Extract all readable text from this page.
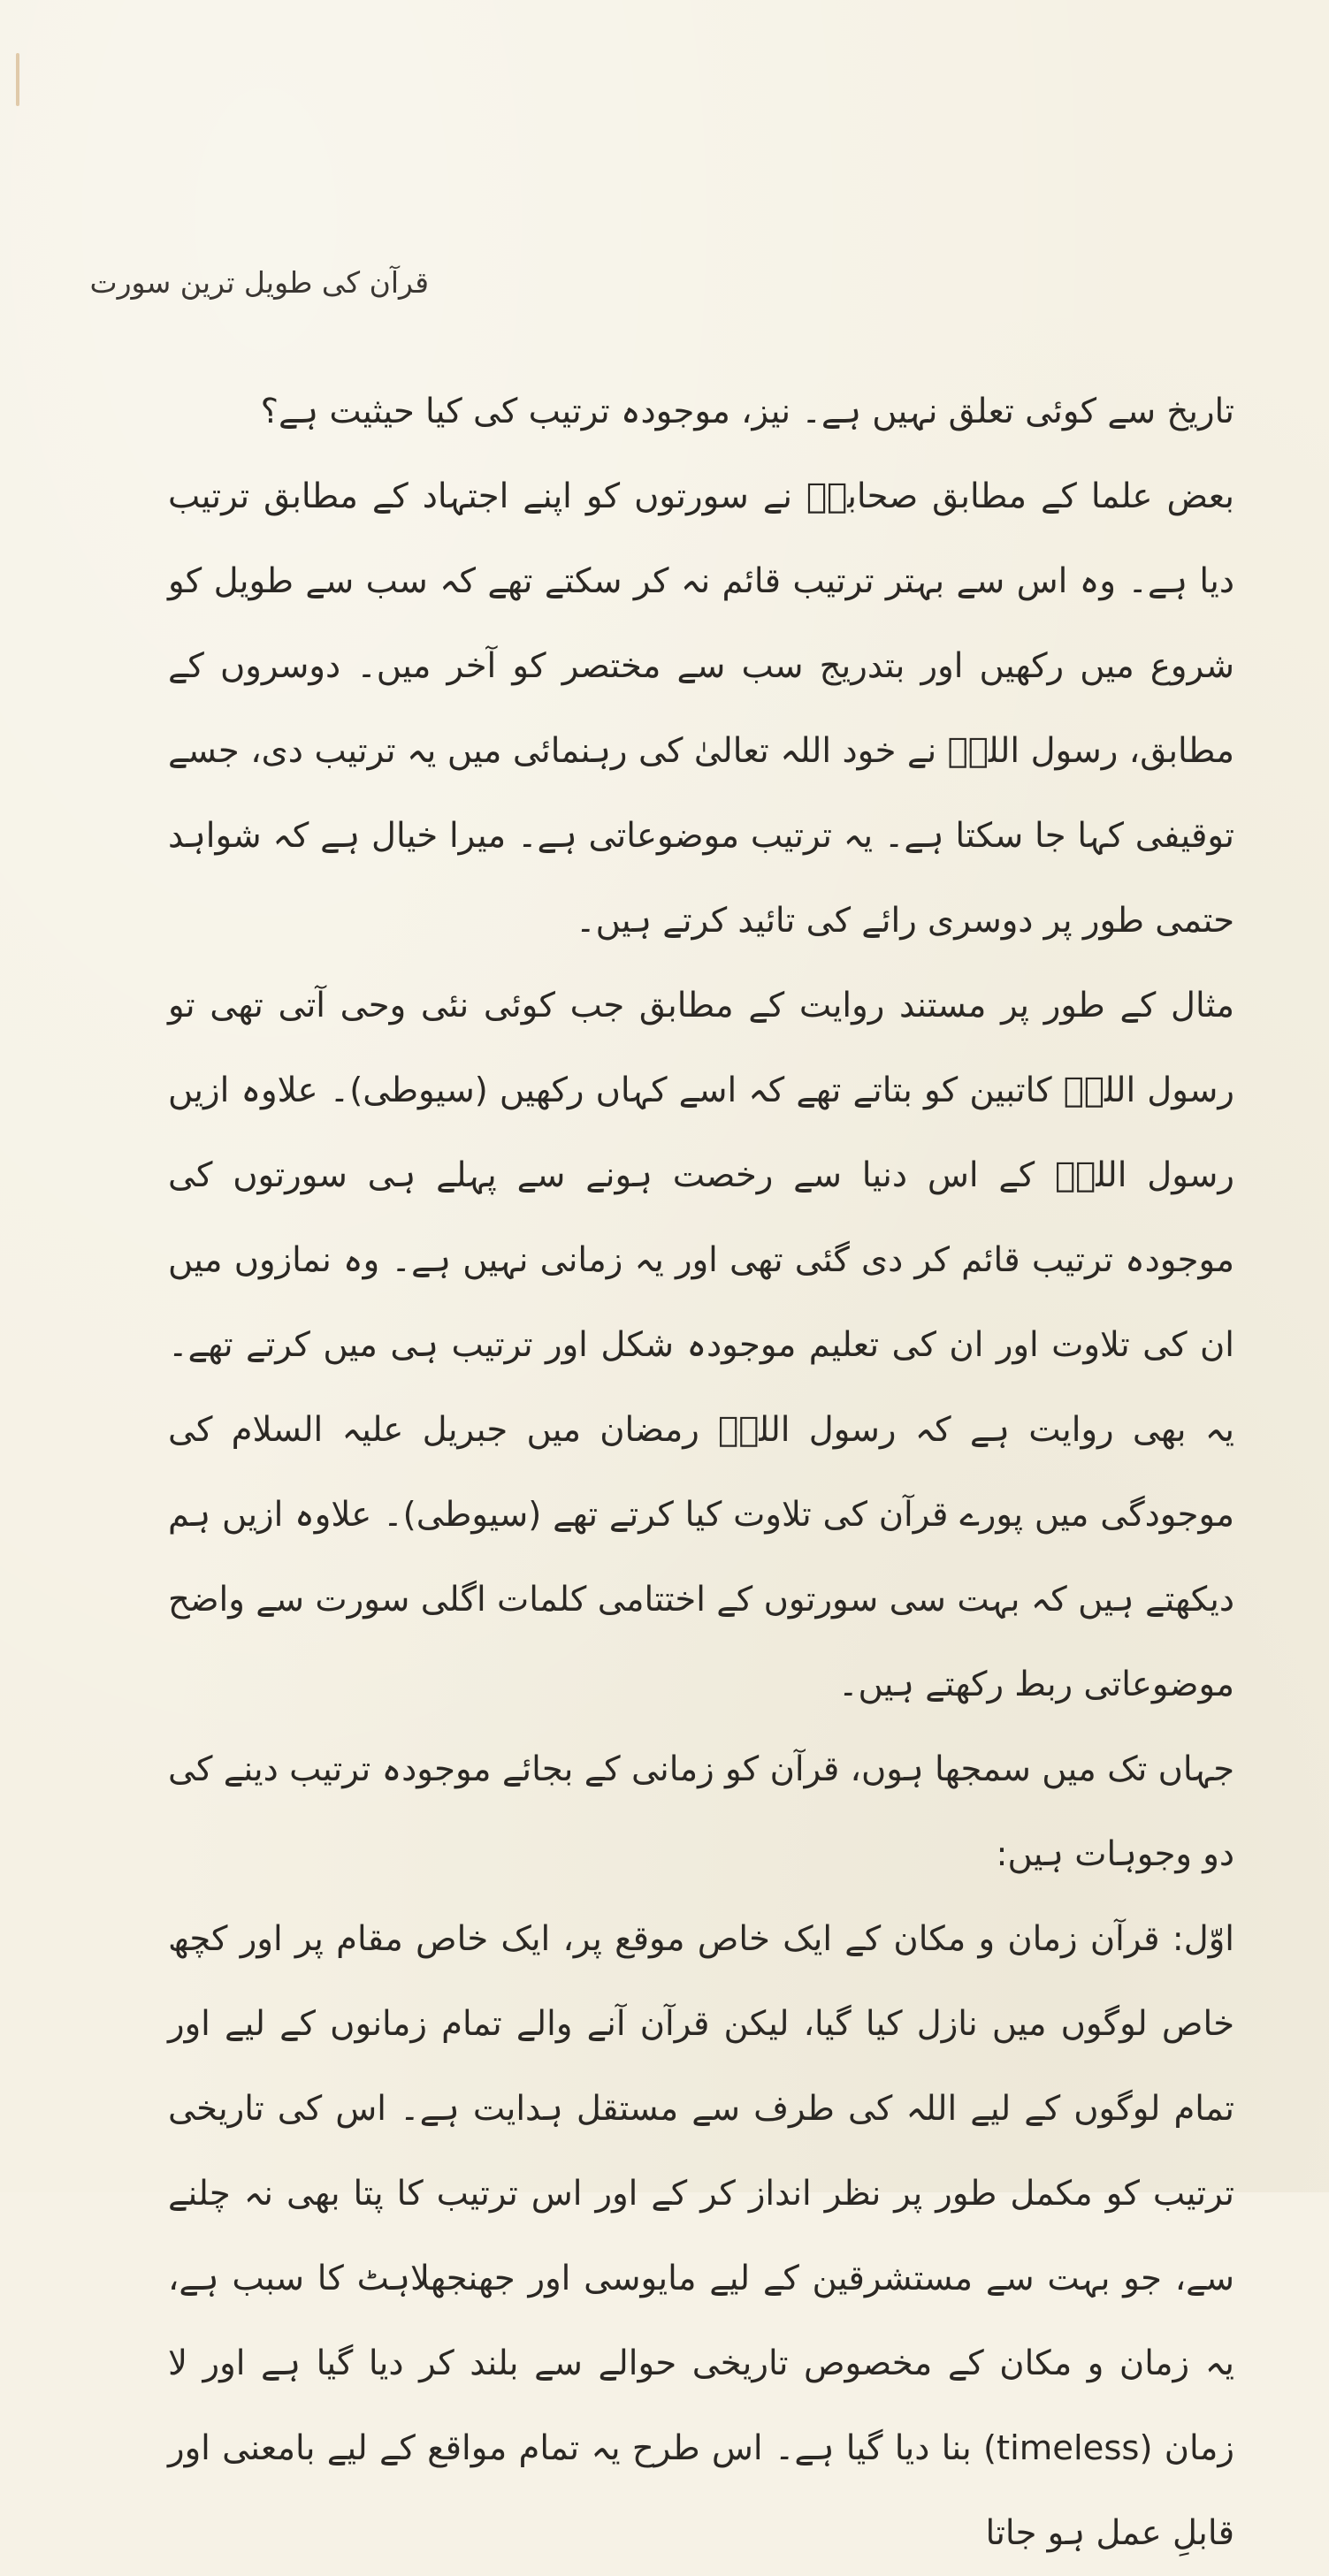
قرآن کی طویل ترین سورت

تاریخ سے کوئی تعلق نہیں ہے۔ نیز، موجودہ ترتیب کی کیا حیثیت ہے؟

بعض علما کے مطابق صحابہؓ نے سورتوں کو اپنے اجتہاد کے مطابق ترتیب دیا ہے۔ وہ اس سے بہتر ترتیب قائم نہ کر سکتے تھے کہ سب سے طویل کو شروع میں رکھیں اور بتدریج سب سے مختصر کو آخر میں۔ دوسروں کے مطابق، رسول اللہؐ نے خود اللہ تعالیٰ کی رہنمائی میں یہ ترتیب دی، جسے توقیفی کہا جا سکتا ہے۔ یہ ترتیب موضوعاتی ہے۔ میرا خیال ہے کہ شواہد حتمی طور پر دوسری رائے کی تائید کرتے ہیں۔

مثال کے طور پر مستند روایت کے مطابق جب کوئی نئی وحی آتی تھی تو رسول اللہؐ کاتبین کو بتاتے تھے کہ اسے کہاں رکھیں (سیوطی)۔ علاوہ ازیں رسول اللہؐ کے اس دنیا سے رخصت ہونے سے پہلے ہی سورتوں کی موجودہ ترتیب قائم کر دی گئی تھی اور یہ زمانی نہیں ہے۔ وہ نمازوں میں ان کی تلاوت اور ان کی تعلیم موجودہ شکل اور ترتیب ہی میں کرتے تھے۔ یہ بھی روایت ہے کہ رسول اللہؐ رمضان میں جبریل علیہ السلام کی موجودگی میں پورے قرآن کی تلاوت کیا کرتے تھے (سیوطی)۔ علاوہ ازیں ہم دیکھتے ہیں کہ بہت سی سورتوں کے اختتامی کلمات اگلی سورت سے واضح موضوعاتی ربط رکھتے ہیں۔

جہاں تک میں سمجھا ہوں، قرآن کو زمانی کے بجائے موجودہ ترتیب دینے کی دو وجوہات ہیں:

اوّل: قرآن زمان و مکان کے ایک خاص موقع پر، ایک خاص مقام پر اور کچھ خاص لوگوں میں نازل کیا گیا، لیکن قرآن آنے والے تمام زمانوں کے لیے اور تمام لوگوں کے لیے اللہ کی طرف سے مستقل ہدایت ہے۔ اس کی تاریخی ترتیب کو مکمل طور پر نظر انداز کر کے اور اس ترتیب کا پتا بھی نہ چلنے سے، جو بہت سے مستشرقین کے لیے مایوسی اور جھنجھلاہٹ کا سبب ہے، یہ زمان و مکان کے مخصوص تاریخی حوالے سے بلند کر دیا گیا ہے اور لا زمان (timeless) بنا دیا گیا ہے۔ اس طرح یہ تمام مواقع کے لیے بامعنی اور قابلِ عمل ہو جاتا
